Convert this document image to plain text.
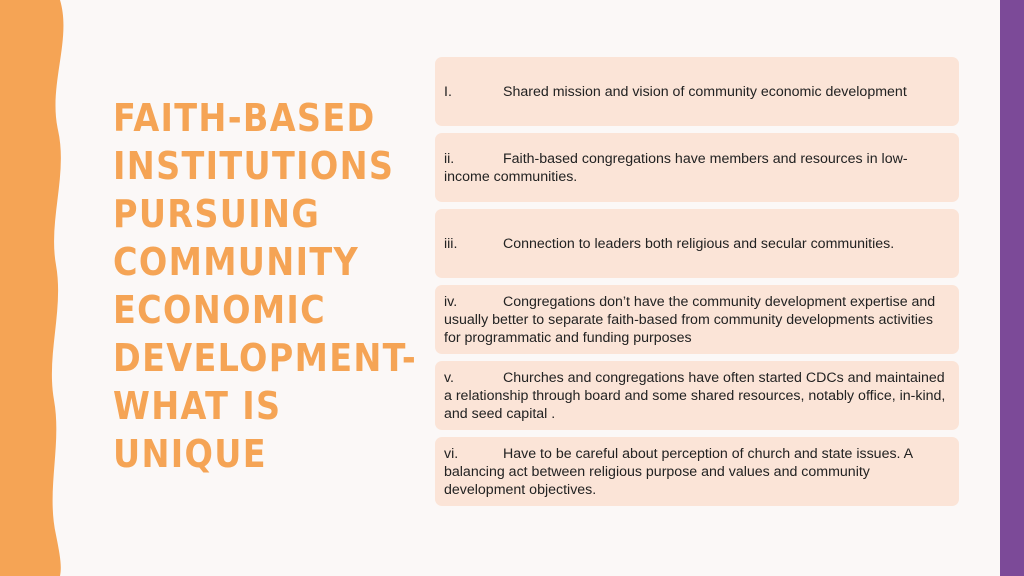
FAITH-BASED
INSTITUTIONS
PURSUING
COMMUNITY
ECONOMIC
DEVELOPMENT-
WHAT IS
UNIQUE
I.	Shared mission and vision of community economic development
ii.	Faith-based congregations have members and resources in low-income communities.
iii.	Connection to leaders both religious and secular communities.
iv.	Congregations don’t have the community development expertise and usually better to separate faith-based from community developments activities for programmatic and funding purposes
v.	Churches and congregations have often started CDCs and maintained a relationship through board and some shared resources, notably office, in-kind, and seed capital .
vi.	Have to be careful about perception of church and state issues. A balancing act between religious purpose and values and community development objectives.
